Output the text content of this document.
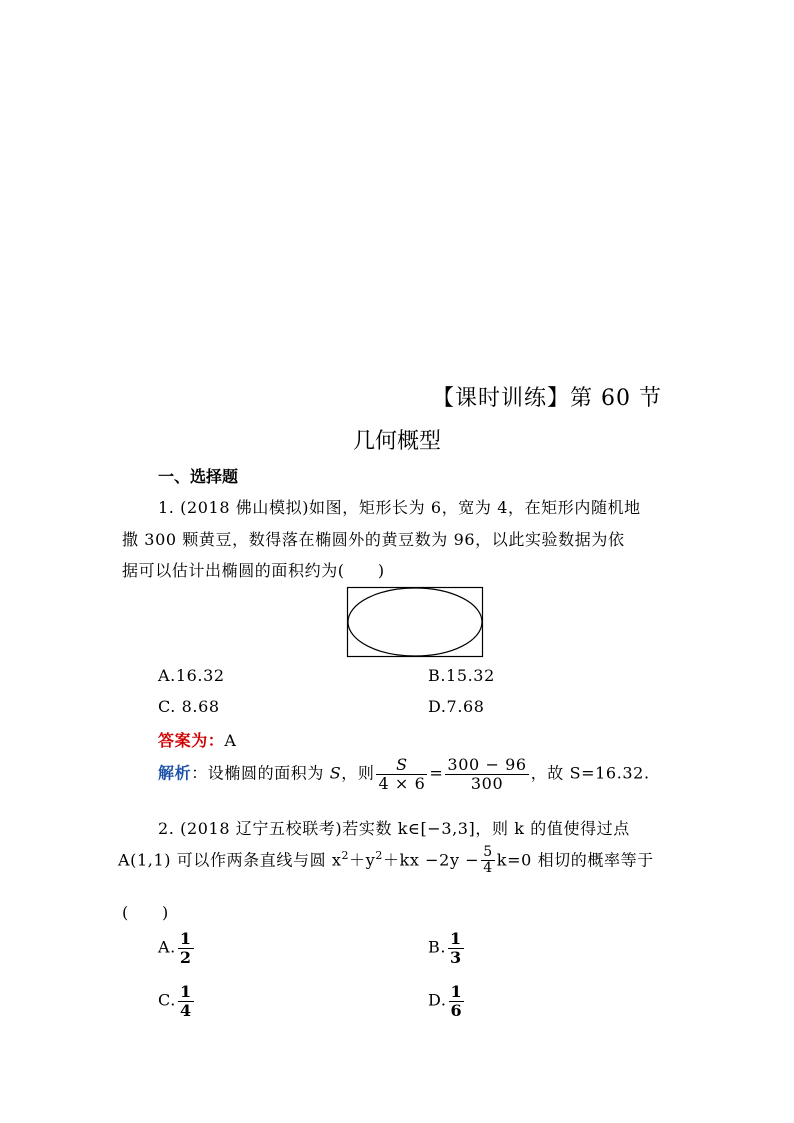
【课时训练】第 60 节
几何概型
一、选择题
1. (2018 佛山模拟)如图，矩形长为 6，宽为 4，在矩形内随机地
撒 300 颗黄豆，数得落在椭圆外的黄豆数为 96，以此实验数据为依
据可以估计出椭圆的面积约为(　　)
A.16.32	B.15.32
C. 8.68	D.7.68
答案为：A
解析：设椭圆的面积为 S，则 $\frac{S}{4 \times 6} = \frac{300 - 96}{300}$ ，故 S=16.32.
2. (2018 辽宁五校联考)若实数 k∈[−3,3]，则 k 的值使得过点
A(1,1) 可以作两条直线与圆 $x^2+y^2+kx -2y - \frac{5}{4} k=0$ 相切的概率等于
(　　)
A. $\frac{1}{2}$	B. $\frac{1}{3}$
C. $\frac{1}{4}$	D. $\frac{1}{6}$
